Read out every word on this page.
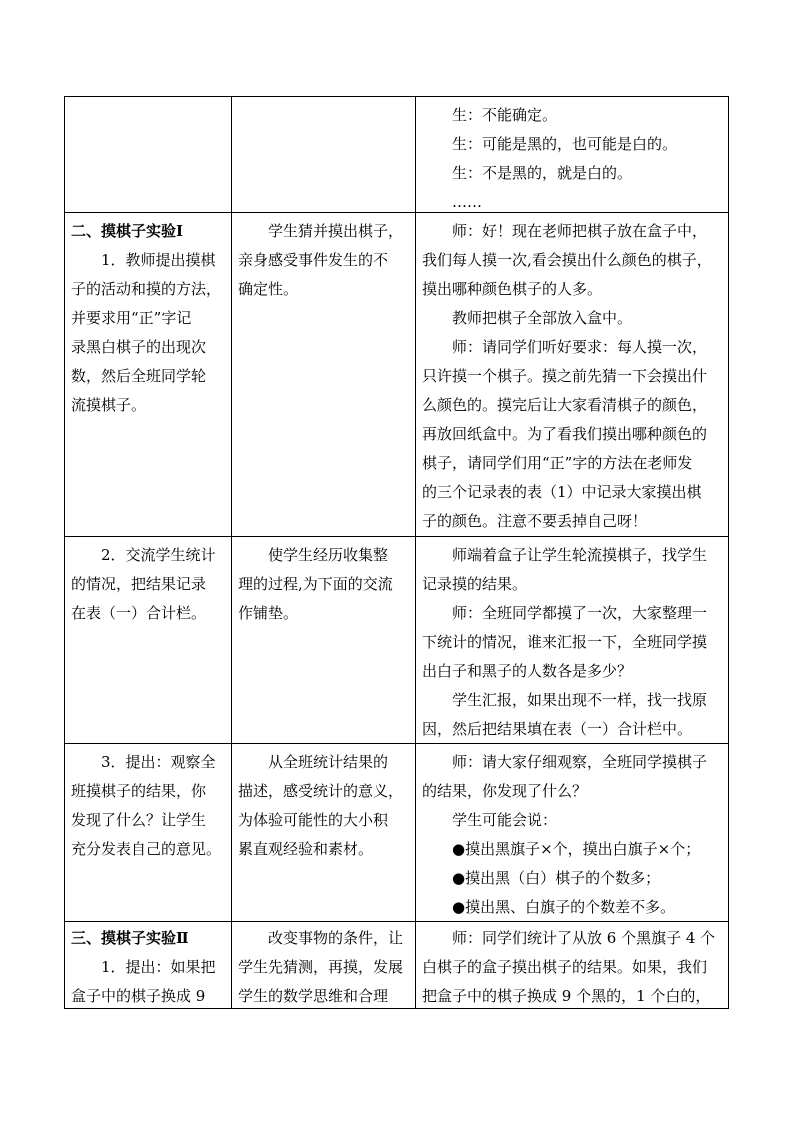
生：不能确定。
生：可能是黑的，也可能是白的。
生：不是黑的，就是白的。
……
二、摸棋子实验Ⅰ
1．教师提出摸棋
子的活动和摸的方法，
并要求用“正”字记
录黑白棋子的出现次
数，然后全班同学轮
流摸棋子。
学生猜并摸出棋子，
亲身感受事件发生的不
确定性。
师：好！现在老师把棋子放在盒子中，
我们每人摸一次,看会摸出什么颜色的棋子，
摸出哪种颜色棋子的人多。
教师把棋子全部放入盒中。
师：请同学们听好要求：每人摸一次，
只许摸一个棋子。摸之前先猜一下会摸出什
么颜色的。摸完后让大家看清棋子的颜色，
再放回纸盒中。为了看我们摸出哪种颜色的
棋子，请同学们用“正”字的方法在老师发
的三个记录表的表（1）中记录大家摸出棋
子的颜色。注意不要丢掉自己呀！
2．交流学生统计
的情况，把结果记录
在表（一）合计栏。
使学生经历收集整
理的过程,为下面的交流
作铺垫。
师端着盒子让学生轮流摸棋子，找学生
记录摸的结果。
师：全班同学都摸了一次，大家整理一
下统计的情况，谁来汇报一下，全班同学摸
出白子和黑子的人数各是多少？
学生汇报，如果出现不一样，找一找原
因，然后把结果填在表（一）合计栏中。
3．提出：观察全
班摸棋子的结果，你
发现了什么？让学生
充分发表自己的意见。
从全班统计结果的
描述，感受统计的意义，
为体验可能性的大小积
累直观经验和素材。
师：请大家仔细观察，全班同学摸棋子
的结果，你发现了什么？
学生可能会说：
●摸出黑旗子×个，摸出白旗子×个；
●摸出黑（白）棋子的个数多；
●摸出黑、白旗子的个数差不多。
三、摸棋子实验Ⅱ
1．提出：如果把
盒子中的棋子换成 9
改变事物的条件，让
学生先猜测，再摸，发展
学生的数学思维和合理
师：同学们统计了从放 6 个黑旗子 4 个
白棋子的盒子摸出棋子的结果。如果，我们
把盒子中的棋子换成 9 个黑的，1 个白的，
